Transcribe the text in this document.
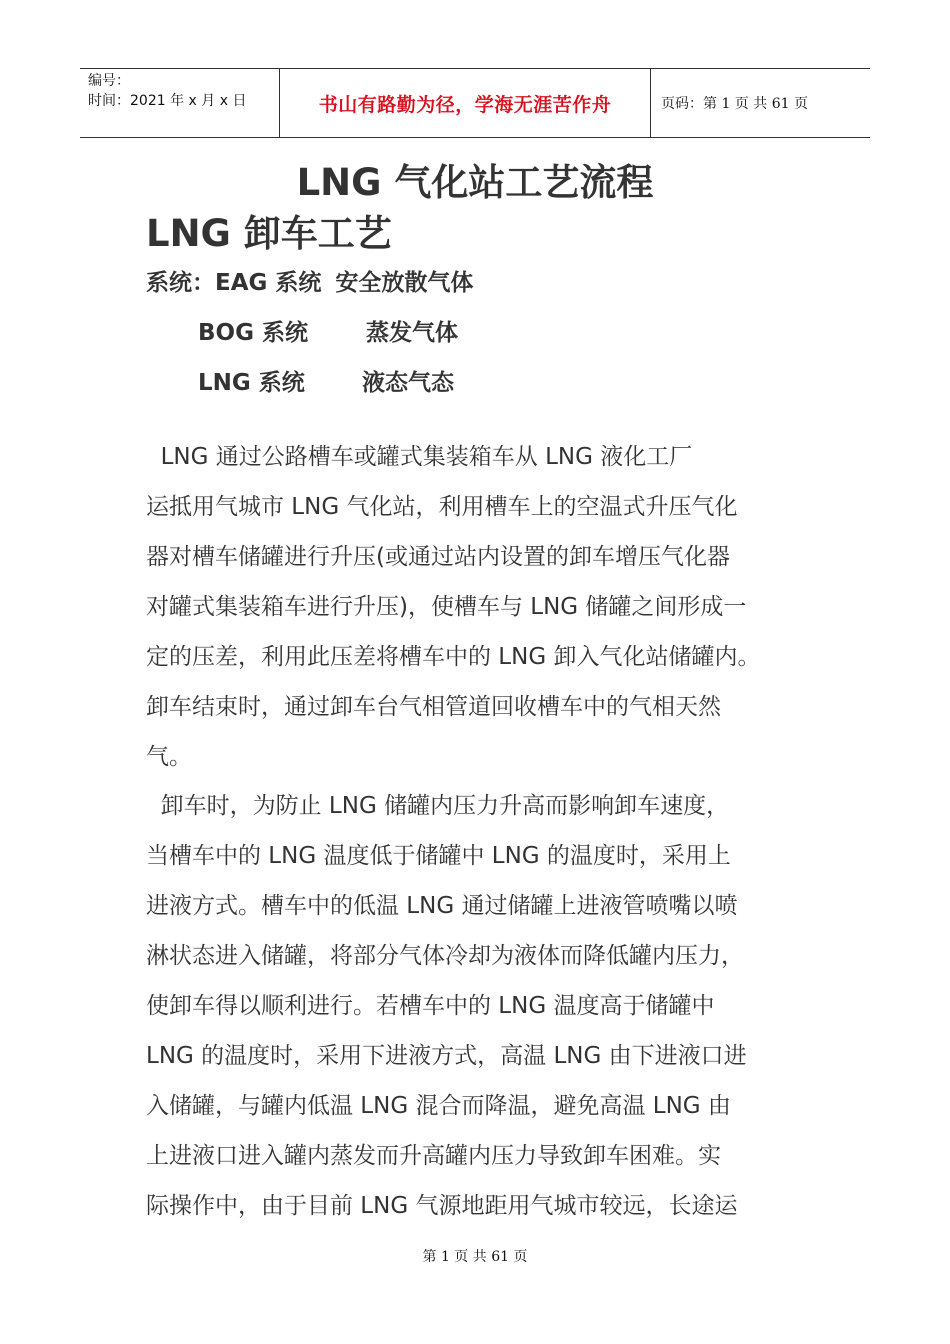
编号：
时间：2021 年 x 月 x 日	书山有路勤为径，学海无涯苦作舟	页码：第 1 页 共 61 页
LNG 气化站工艺流程
LNG 卸车工艺
系统：EAG 系统 安全放散气体
BOG 系统	蒸发气体
LNG 系统 液态气态
LNG 通过公路槽车或罐式集装箱车从 LNG 液化工厂
运抵用气城市 LNG 气化站，利用槽车上的空温式升压气化
器对槽车储罐进行升压(或通过站内设置的卸车增压气化器
对罐式集装箱车进行升压)，使槽车与 LNG 储罐之间形成一
定的压差，利用此压差将槽车中的 LNG 卸入气化站储罐内。
卸车结束时，通过卸车台气相管道回收槽车中的气相天然
气。
卸车时，为防止 LNG 储罐内压力升高而影响卸车速度，
当槽车中的 LNG 温度低于储罐中 LNG 的温度时，采用上
进液方式。槽车中的低温 LNG 通过储罐上进液管喷嘴以喷
淋状态进入储罐，将部分气体冷却为液体而降低罐内压力，
使卸车得以顺利进行。若槽车中的 LNG 温度高于储罐中
LNG 的温度时，采用下进液方式，高温 LNG 由下进液口进
入储罐，与罐内低温 LNG 混合而降温，避免高温 LNG 由
上进液口进入罐内蒸发而升高罐内压力导致卸车困难。实
际操作中，由于目前 LNG 气源地距用气城市较远，长途运
第 1 页 共 61 页
